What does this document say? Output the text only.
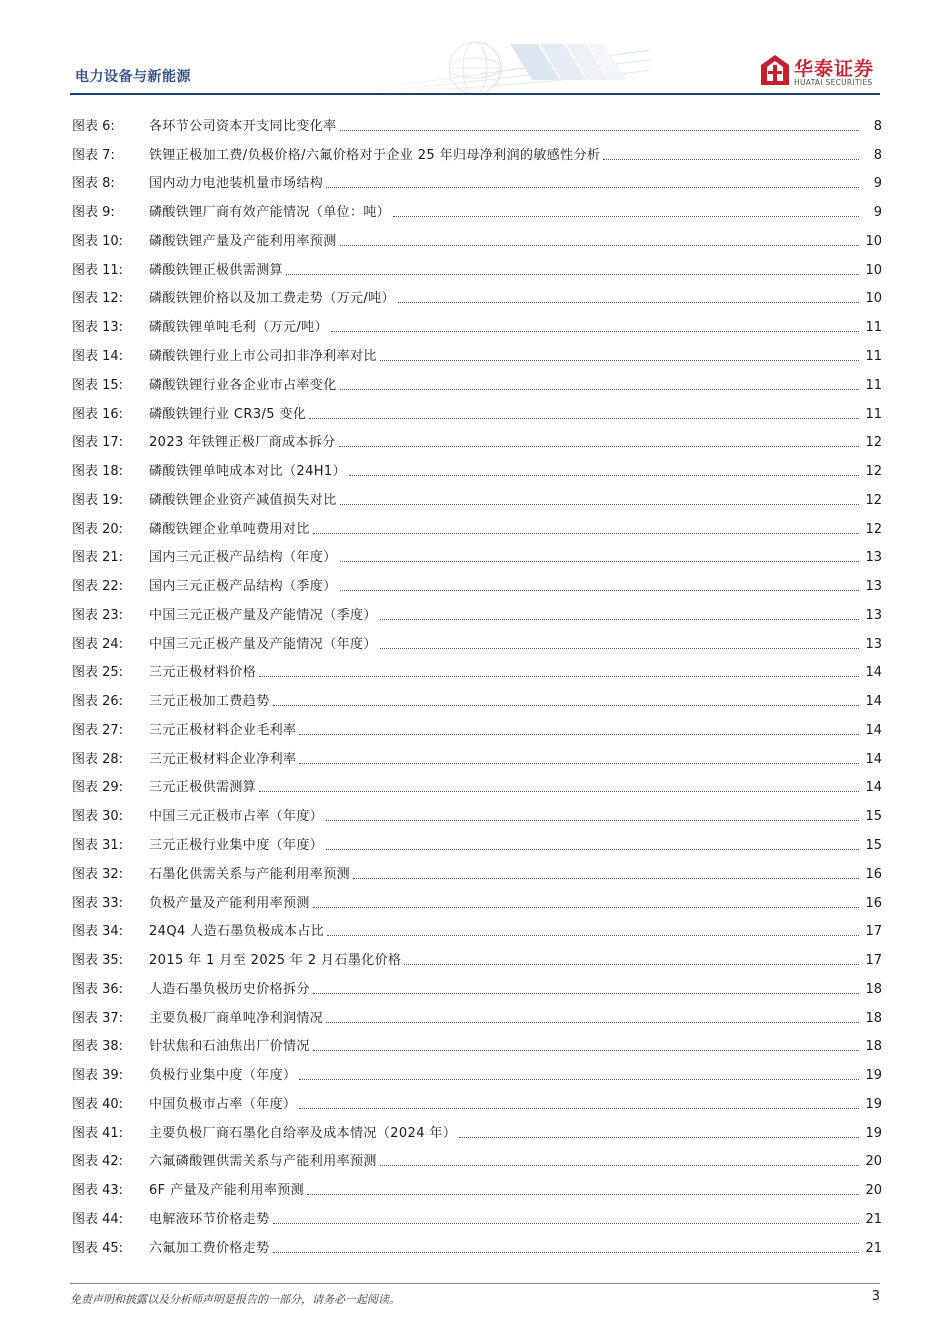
电力设备与新能源	华泰证券
HUATAI SECURITIES
图表 6:	各环节公司资本开支同比变化率	8
图表 7:	铁锂正极加工费/负极价格/六氟价格对于企业 25 年归母净利润的敏感性分析	8
图表 8:	国内动力电池装机量市场结构	9
图表 9:	磷酸铁锂厂商有效产能情况（单位：吨）	9
图表 10:	磷酸铁锂产量及产能利用率预测	10
图表 11:	磷酸铁锂正极供需测算	10
图表 12:	磷酸铁锂价格以及加工费走势（万元/吨）	10
图表 13:	磷酸铁锂单吨毛利（万元/吨）	11
图表 14:	磷酸铁锂行业上市公司扣非净利率对比	11
图表 15:	磷酸铁锂行业各企业市占率变化	11
图表 16:	磷酸铁锂行业 CR3/5 变化	11
图表 17:	2023 年铁锂正极厂商成本拆分	12
图表 18:	磷酸铁锂单吨成本对比（24H1）	12
图表 19:	磷酸铁锂企业资产减值损失对比	12
图表 20:	磷酸铁锂企业单吨费用对比	12
图表 21:	国内三元正极产品结构（年度）	13
图表 22:	国内三元正极产品结构（季度）	13
图表 23:	中国三元正极产量及产能情况（季度）	13
图表 24:	中国三元正极产量及产能情况（年度）	13
图表 25:	三元正极材料价格	14
图表 26:	三元正极加工费趋势	14
图表 27:	三元正极材料企业毛利率	14
图表 28:	三元正极材料企业净利率	14
图表 29:	三元正极供需测算	14
图表 30:	中国三元正极市占率（年度）	15
图表 31:	三元正极行业集中度（年度）	15
图表 32:	石墨化供需关系与产能利用率预测	16
图表 33:	负极产量及产能利用率预测	16
图表 34:	24Q4 人造石墨负极成本占比	17
图表 35:	2015 年 1 月至 2025 年 2 月石墨化价格	17
图表 36:	人造石墨负极历史价格拆分	18
图表 37:	主要负极厂商单吨净利润情况	18
图表 38:	针状焦和石油焦出厂价情况	18
图表 39:	负极行业集中度（年度）	19
图表 40:	中国负极市占率（年度）	19
图表 41:	主要负极厂商石墨化自给率及成本情况（2024 年）	19
图表 42:	六氟磷酸锂供需关系与产能利用率预测	20
图表 43:	6F 产量及产能利用率预测	20
图表 44:	电解液环节价格走势	21
图表 45:	六氟加工费价格走势	21
免责声明和披露以及分析师声明是报告的一部分，请务必一起阅读。	3
